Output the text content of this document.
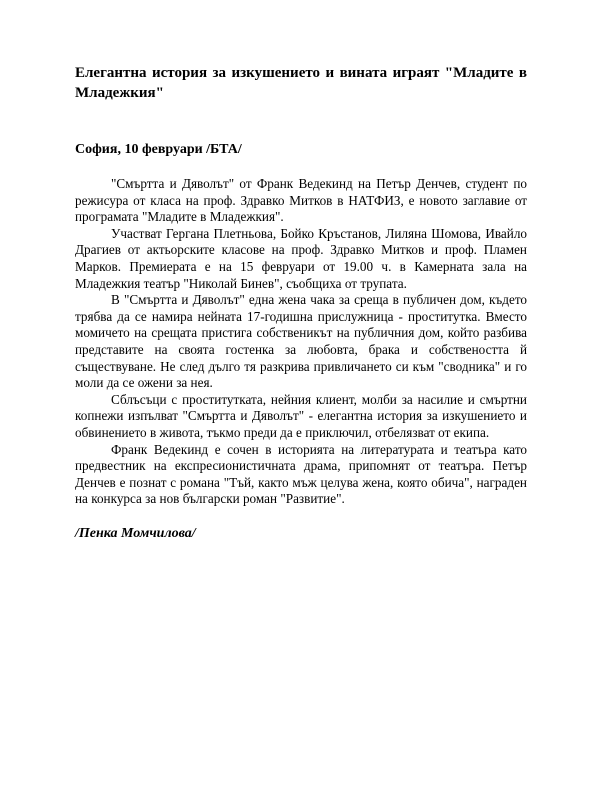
Елегантна история за изкушението и вината играят "Младите в Младежкия"

София, 10 февруари /БТА/

"Смъртта и Дяволът" от Франк Ведекинд на Петър Денчев, студент по режисура от класа на проф. Здравко Митков в НАТФИЗ, е новото заглавие от програмата "Младите в Младежкия".

Участват Гергана Плетньова, Бойко Кръстанов, Лиляна Шомова, Ивайло Драгиев от актьорските класове на проф. Здравко Митков и проф. Пламен Марков. Премиерата е на 15 февруари от 19.00 ч. в Камерната зала на Младежкия театър "Николай Бинев", съобщиха от трупата.

В "Смъртта и Дяволът" една жена чака за среща в публичен дом, където трябва да се намира нейната 17-годишна прислужница - проститутка. Вместо момичето на срещата пристига собственикът на публичния дом, който разбива представите на своята гостенка за любовта, брака и собствеността й съществуване. Не след дълго тя разкрива привличането си към "сводника" и го моли да се ожени за нея.

Сблъсъци с проститутката, нейния клиент, молби за насилие и смъртни копнежи изпълват "Смъртта и Дяволът" - елегантна история за изкушението и обвинението в живота, тъкмо преди да е приключил, отбелязват от екипа.

Франк Ведекинд е сочен в историята на литературата и театъра като предвестник на експресионистичната драма, припомнят от театъра. Петър Денчев е познат с романа "Тъй, както мъж целува жена, която обича", награден на конкурса за нов български роман "Развитие".

/Пенка Момчилова/
